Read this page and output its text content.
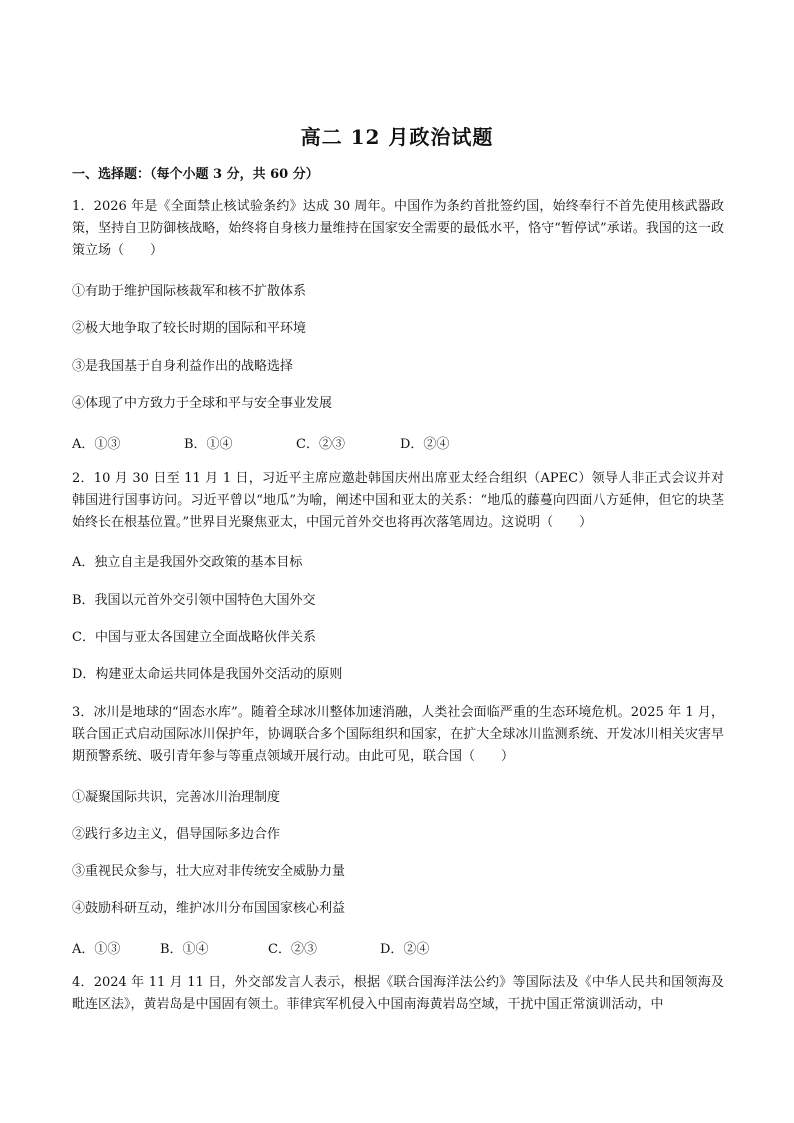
高二 12 月政治试题
一、选择题：（每个小题 3 分，共 60 分）
1．2026 年是《全面禁止核试验条约》达成 30 周年。中国作为条约首批签约国，始终奉行不首先使用核武器政策，坚持自卫防御核战略，始终将自身核力量维持在国家安全需要的最低水平，恪守“暂停试”承诺。我国的这一政策立场（　　）
①有助于维护国际核裁军和核不扩散体系
②极大地争取了较长时期的国际和平环境
③是我国基于自身利益作出的战略选择
④体现了中方致力于全球和平与安全事业发展
A．①③	B．①④	C．②③	D．②④
2．10 月 30 日至 11 月 1 日，习近平主席应邀赴韩国庆州出席亚太经合组织（APEC）领导人非正式会议并对韩国进行国事访问。习近平曾以“地瓜”为喻，阐述中国和亚太的关系：“地瓜的藤蔓向四面八方延伸，但它的块茎始终长在根基位置。”世界目光聚焦亚太，中国元首外交也将再次落笔周边。这说明（　　）
A．独立自主是我国外交政策的基本目标
B．我国以元首外交引领中国特色大国外交
C．中国与亚太各国建立全面战略伙伴关系
D．构建亚太命运共同体是我国外交活动的原则
3．冰川是地球的“固态水库”。随着全球冰川整体加速消融，人类社会面临严重的生态环境危机。2025 年 1 月，联合国正式启动国际冰川保护年，协调联合多个国际组织和国家，在扩大全球冰川监测系统、开发冰川相关灾害早期预警系统、吸引青年参与等重点领域开展行动。由此可见，联合国（　　）
①凝聚国际共识，完善冰川治理制度
②践行多边主义，倡导国际多边合作
③重视民众参与，壮大应对非传统安全威胁力量
④鼓励科研互动，维护冰川分布国国家核心利益
A．①③	B．①④	C．②③	D．②④
4．2024 年 11 月 11 日，外交部发言人表示，根据《联合国海洋法公约》等国际法及《中华人民共和国领海及毗连区法》，黄岩岛是中国固有领土。菲律宾军机侵入中国南海黄岩岛空域，干扰中国正常演训活动，中
